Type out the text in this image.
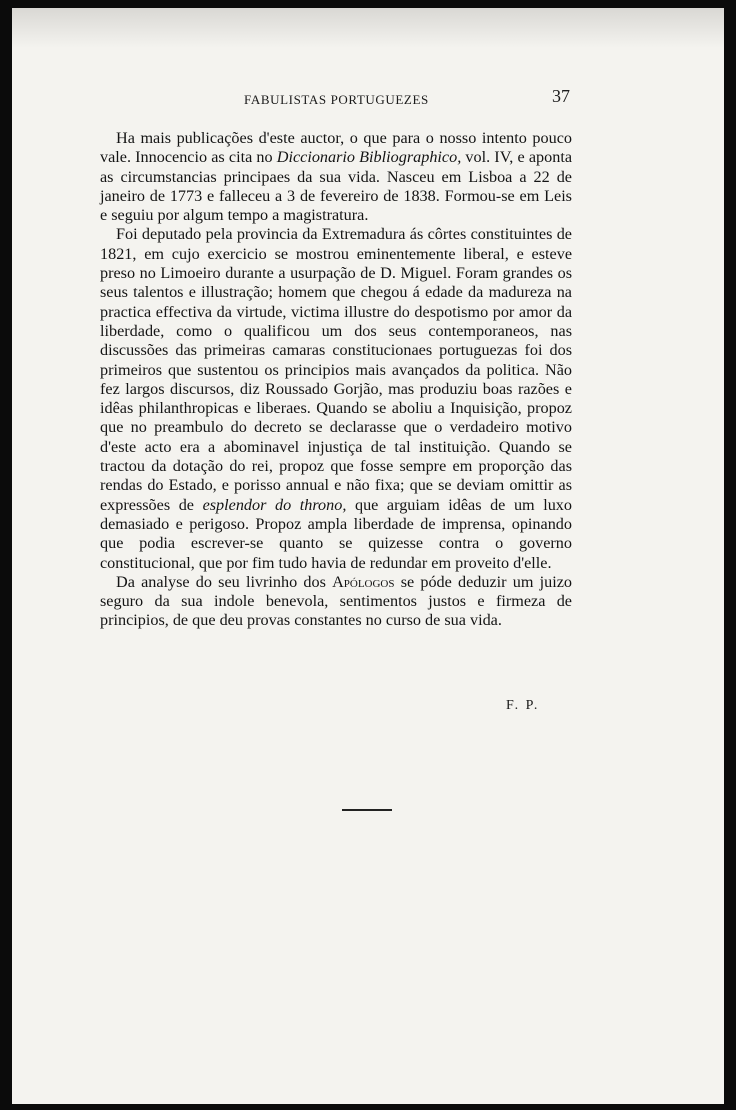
FABULISTAS PORTUGUEZES	37

Ha mais publicações d'este auctor, o que para o nosso intento pouco vale. Innocencio as cita no Diccionario Bibliographico, vol. IV, e aponta as circumstancias principaes da sua vida. Nasceu em Lisboa a 22 de janeiro de 1773 e falleceu a 3 de fevereiro de 1838. Formou-se em Leis e seguiu por algum tempo a magistratura.

Foi deputado pela provincia da Extremadura ás côrtes constituintes de 1821, em cujo exercicio se mostrou eminentemente liberal, e esteve preso no Limoeiro durante a usurpação de D. Miguel. Foram grandes os seus talentos e illustração; homem que chegou á edade da madureza na practica effectiva da virtude, victima illustre do despotismo por amor da liberdade, como o qualificou um dos seus contemporaneos, nas discussões das primeiras camaras constitucionaes portuguezas foi dos primeiros que sustentou os principios mais avançados da politica. Não fez largos discursos, diz Roussado Gorjão, mas produziu boas razões e idêas philanthropicas e liberaes. Quando se aboliu a Inquisição, propoz que no preambulo do decreto se declarasse que o verdadeiro motivo d'este acto era a abominavel injustiça de tal instituição. Quando se tractou da dotação do rei, propoz que fosse sempre em proporção das rendas do Estado, e porisso annual e não fixa; que se deviam omittir as expressões de esplendor do throno, que arguiam idêas de um luxo demasiado e perigoso. Propoz ampla liberdade de imprensa, opinando que podia escrever-se quanto se quizesse contra o governo constitucional, que por fim tudo havia de redundar em proveito d'elle.

Da analyse do seu livrinho dos Apólogos se póde deduzir um juizo seguro da sua indole benevola, sentimentos justos e firmeza de principios, de que deu provas constantes no curso de sua vida.

F. P.
